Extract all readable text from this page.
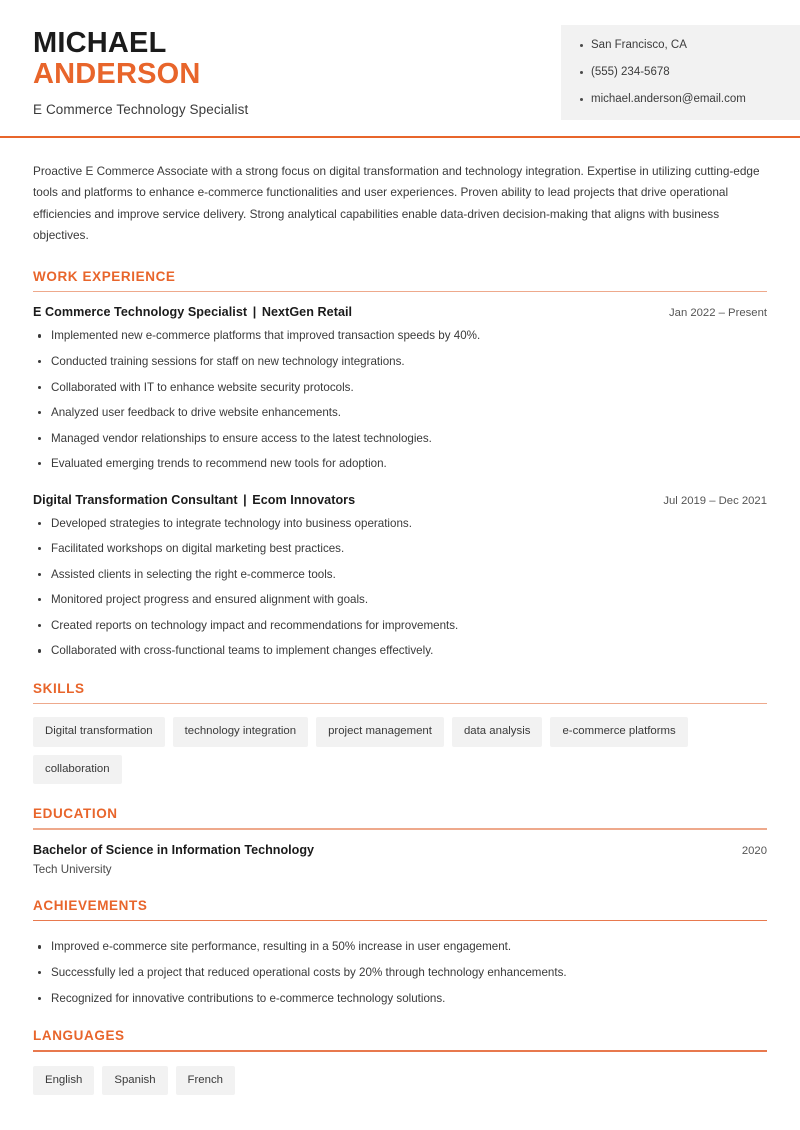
MICHAEL
ANDERSON
E Commerce Technology Specialist
San Francisco, CA
(555) 234-5678
michael.anderson@email.com

Proactive E Commerce Associate with a strong focus on digital transformation and technology integration. Expertise in utilizing cutting-edge tools and platforms to enhance e-commerce functionalities and user experiences. Proven ability to lead projects that drive operational efficiencies and improve service delivery. Strong analytical capabilities enable data-driven decision-making that aligns with business objectives.

WORK EXPERIENCE
E Commerce Technology Specialist | NextGen Retail	Jan 2022 – Present
Implemented new e-commerce platforms that improved transaction speeds by 40%.
Conducted training sessions for staff on new technology integrations.
Collaborated with IT to enhance website security protocols.
Analyzed user feedback to drive website enhancements.
Managed vendor relationships to ensure access to the latest technologies.
Evaluated emerging trends to recommend new tools for adoption.
Digital Transformation Consultant | Ecom Innovators	Jul 2019 – Dec 2021
Developed strategies to integrate technology into business operations.
Facilitated workshops on digital marketing best practices.
Assisted clients in selecting the right e-commerce tools.
Monitored project progress and ensured alignment with goals.
Created reports on technology impact and recommendations for improvements.
Collaborated with cross-functional teams to implement changes effectively.
SKILLS
Digital transformation	technology integration	project management	data analysis	e-commerce platforms
collaboration
EDUCATION
Bachelor of Science in Information Technology	2020
Tech University
ACHIEVEMENTS
Improved e-commerce site performance, resulting in a 50% increase in user engagement.
Successfully led a project that reduced operational costs by 20% through technology enhancements.
Recognized for innovative contributions to e-commerce technology solutions.
LANGUAGES
English	Spanish	French
